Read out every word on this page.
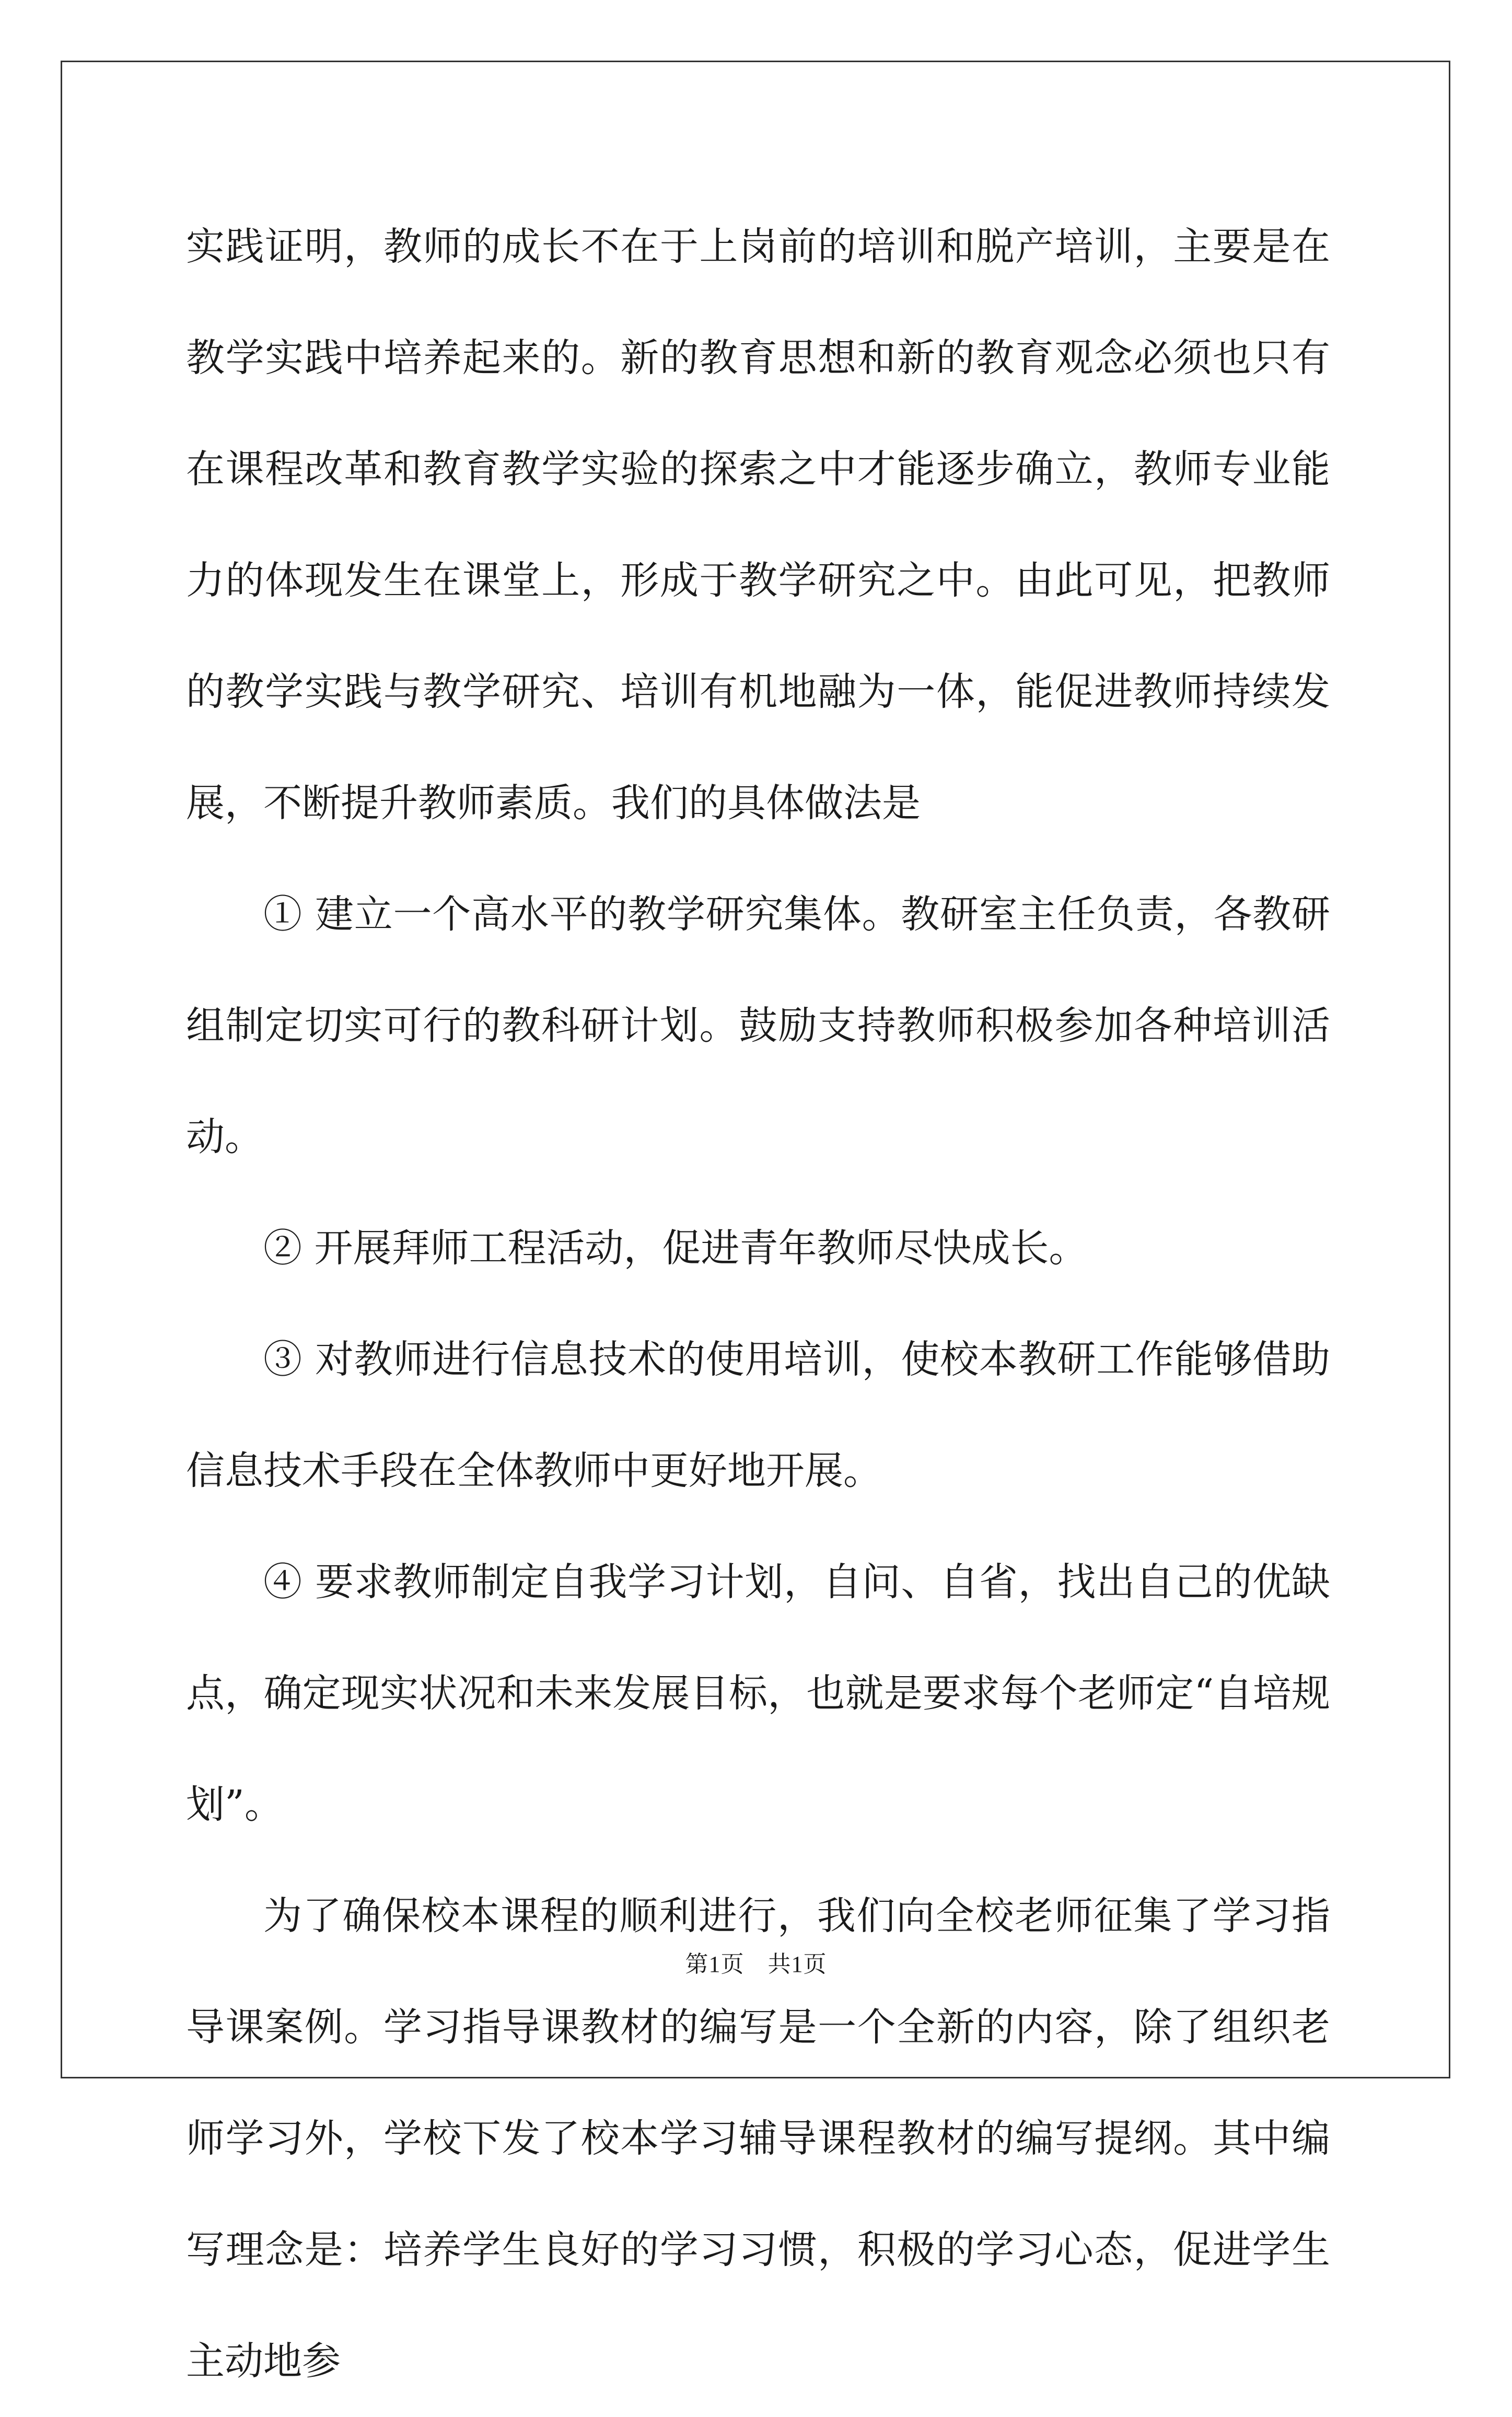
实践证明，教师的成长不在于上岗前的培训和脱产培训，主要是在教学实践中培养起来的。新的教育思想和新的教育观念必须也只有在课程改革和教育教学实验的探索之中才能逐步确立，教师专业能力的体现发生在课堂上，形成于教学研究之中。由此可见，把教师的教学实践与教学研究、培训有机地融为一体，能促进教师持续发展，不断提升教师素质。我们的具体做法是

① 建立一个高水平的教学研究集体。教研室主任负责，各教研组制定切实可行的教科研计划。鼓励支持教师积极参加各种培训活动。

② 开展拜师工程活动，促进青年教师尽快成长。

③ 对教师进行信息技术的使用培训，使校本教研工作能够借助信息技术手段在全体教师中更好地开展。

④ 要求教师制定自我学习计划，自问、自省，找出自己的优缺点，确定现实状况和未来发展目标，也就是要求每个老师定“自培规划”。

为了确保校本课程的顺利进行，我们向全校老师征集了学习指导课案例。学习指导课教材的编写是一个全新的内容，除了组织老师学习外，学校下发了校本学习辅导课程教材的编写提纲。其中编写理念是：培养学生良好的学习习惯，积极的学习心态，促进学生主动地参

第1页　共1页
